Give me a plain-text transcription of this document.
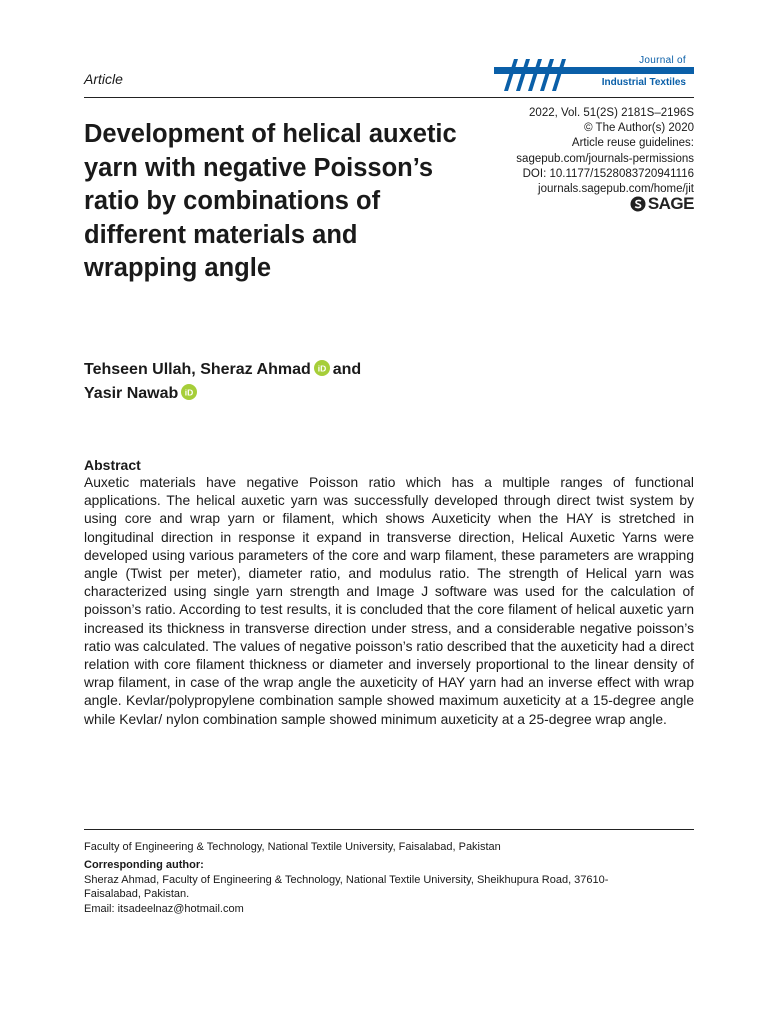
Article
Journal of
Industrial Textiles
2022, Vol. 51(2S) 2181S–2196S
© The Author(s) 2020
Article reuse guidelines:
sagepub.com/journals-permissions
DOI: 10.1177/1528083720941116
journals.sagepub.com/home/jit
SAGE
Development of helical auxetic yarn with negative Poisson’s ratio by combinations of different materials and wrapping angle
Tehseen Ullah, Sheraz Ahmad iD and
Yasir Nawab iD
Abstract

Auxetic materials have negative Poisson ratio which has a multiple ranges of functional applications. The helical auxetic yarn was successfully developed through direct twist system by using core and wrap yarn or filament, which shows Auxeticity when the HAY is stretched in longitudinal direction in response it expand in transverse direction, Helical Auxetic Yarns were developed using various parameters of the core and warp filament, these parameters are wrapping angle (Twist per meter), diameter ratio, and modulus ratio. The strength of Helical yarn was characterized using single yarn strength and Image J software was used for the calculation of poisson’s ratio. According to test results, it is concluded that the core filament of helical auxetic yarn increased its thickness in transverse direction under stress, and a considerable negative poisson’s ratio was calculated. The values of negative poisson’s ratio described that the auxeticity had a direct relation with core filament thickness or diameter and inversely proportional to the linear density of wrap filament, in case of the wrap angle the auxeticity of HAY yarn had an inverse effect with wrap angle. Kevlar/polypropylene combination sample showed maximum auxeticity at a 15-degree angle while Kevlar/ nylon combination sample showed minimum auxeticity at a 25-degree wrap angle.

Faculty of Engineering & Technology, National Textile University, Faisalabad, Pakistan
Corresponding author:
Sheraz Ahmad, Faculty of Engineering & Technology, National Textile University, Sheikhupura Road, 37610-
Faisalabad, Pakistan.
Email: itsadeelnaz@hotmail.com
